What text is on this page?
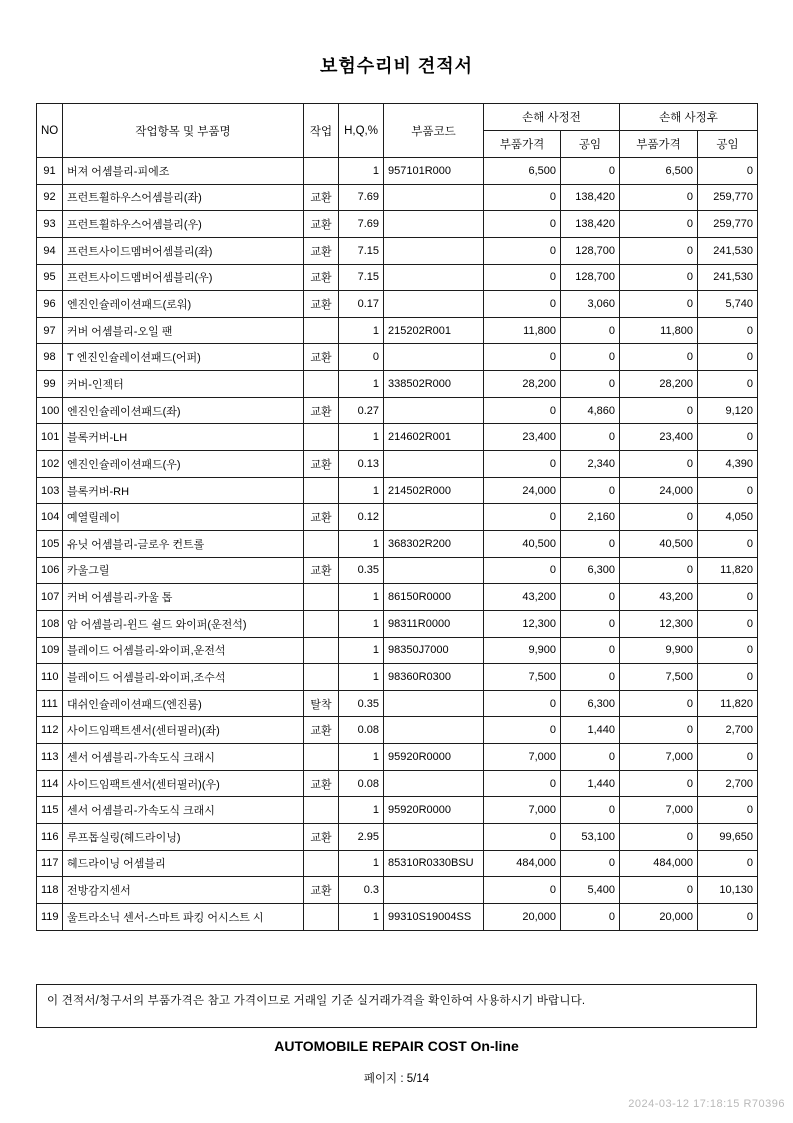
보험수리비 견적서
NO	작업항목 및 부품명	작업	H,Q,%	부품코드	손해 사정전		손해 사정후	
					부품가격	공임	부품가격	공임
91	버져 어셈블리-피에조		1	957101R000	6,500	0	6,500	0
92	프런트휠하우스어셈블리(좌)	교환	7.69		0	138,420	0	259,770
93	프런트휠하우스어셈블리(우)	교환	7.69		0	138,420	0	259,770
94	프런트사이드멤버어셈블리(좌)	교환	7.15		0	128,700	0	241,530
95	프런트사이드멤버어셈블리(우)	교환	7.15		0	128,700	0	241,530
96	엔진인슐레이션패드(로워)	교환	0.17		0	3,060	0	5,740
97	커버 어셈블리-오일 팬		1	215202R001	11,800	0	11,800	0
98	T 엔진인슐레이션패드(어퍼)	교환	0		0	0	0	0
99	커버-인젝터		1	338502R000	28,200	0	28,200	0
100	엔진인슐레이션패드(좌)	교환	0.27		0	4,860	0	9,120
101	블록커버-LH		1	214602R001	23,400	0	23,400	0
102	엔진인슐레이션패드(우)	교환	0.13		0	2,340	0	4,390
103	블록커버-RH		1	214502R000	24,000	0	24,000	0
104	예열릴레이	교환	0.12		0	2,160	0	4,050
105	유닛 어셈블리-글로우 컨트롤		1	368302R200	40,500	0	40,500	0
106	카울그릴	교환	0.35		0	6,300	0	11,820
107	커버 어셈블리-카울 톱		1	86150R0000	43,200	0	43,200	0
108	암 어셈블리-윈드 쉴드 와이퍼(운전석)		1	98311R0000	12,300	0	12,300	0
109	블레이드 어셈블리-와이퍼,운전석		1	98350J7000	9,900	0	9,900	0
110	블레이드 어셈블리-와이퍼,조수석		1	98360R0300	7,500	0	7,500	0
111	대쉬인슐레이션패드(엔진룸)	탈착	0.35		0	6,300	0	11,820
112	사이드임팩트센서(센터필러)(좌)	교환	0.08		0	1,440	0	2,700
113	센서 어셈블리-가속도식 크래시		1	95920R0000	7,000	0	7,000	0
114	사이드임팩트센서(센터필러)(우)	교환	0.08		0	1,440	0	2,700
115	센서 어셈블리-가속도식 크래시		1	95920R0000	7,000	0	7,000	0
116	루프톱실링(헤드라이닝)	교환	2.95		0	53,100	0	99,650
117	헤드라이닝 어셈블리		1	85310R0330BSU	484,000	0	484,000	0
118	전방감지센서	교환	0.3		0	5,400	0	10,130
119	울트라소닉 센서-스마트 파킹 어시스트 시		1	99310S19004SS	20,000	0	20,000	0
이 견적서/청구서의 부품가격은 참고 가격이므로 거래일 기준 실거래가격을 확인하여 사용하시기 바랍니다.
AUTOMOBILE REPAIR COST On-line
페이지 : 5/14
2024-03-12 17:18:15 R70396
